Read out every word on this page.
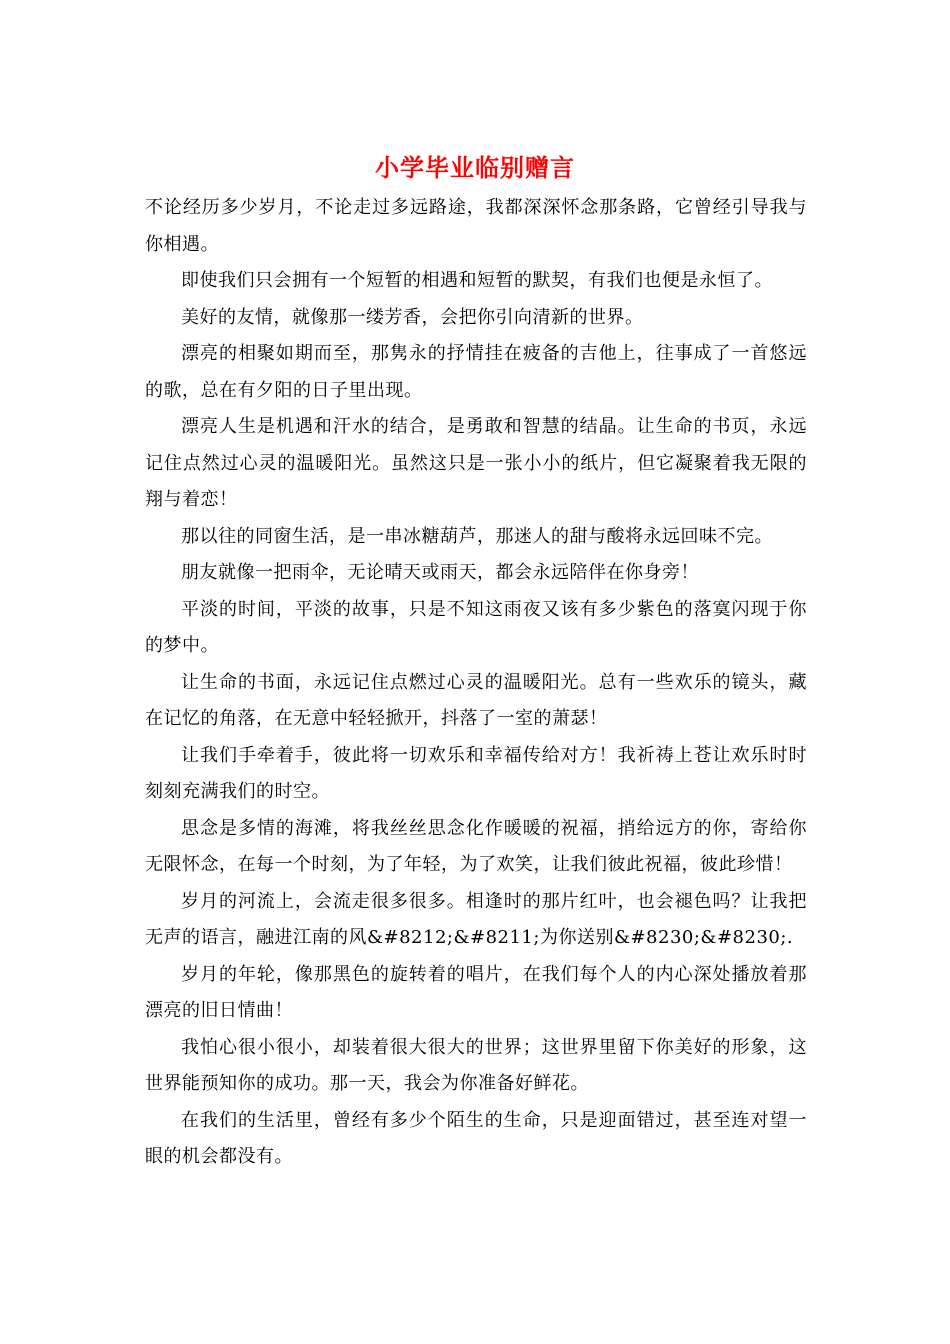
小学毕业临别赠言

不论经历多少岁月，不论走过多远路途，我都深深怀念那条路，它曾经引导我与你相遇。

即使我们只会拥有一个短暂的相遇和短暂的默契，有我们也便是永恒了。

美好的友情，就像那一缕芳香，会把你引向清新的世界。

漂亮的相聚如期而至，那隽永的抒情挂在疲备的吉他上，往事成了一首悠远的歌，总在有夕阳的日子里出现。

漂亮人生是机遇和汗水的结合，是勇敢和智慧的结晶。让生命的书页，永远记住点然过心灵的温暖阳光。虽然这只是一张小小的纸片，但它凝聚着我无限的翔与着恋！

那以往的同窗生活，是一串冰糖葫芦，那迷人的甜与酸将永远回味不完。

朋友就像一把雨伞，无论晴天或雨天，都会永远陪伴在你身旁！

平淡的时间，平淡的故事，只是不知这雨夜又该有多少紫色的落寞闪现于你的梦中。

让生命的书面，永远记住点燃过心灵的温暖阳光。总有一些欢乐的镜头，藏在记忆的角落，在无意中轻轻掀开，抖落了一室的萧瑟！

让我们手牵着手，彼此将一切欢乐和幸福传给对方！我祈祷上苍让欢乐时时刻刻充满我们的时空。

思念是多情的海滩，将我丝丝思念化作暖暖的祝福，捎给远方的你，寄给你无限怀念，在每一个时刻，为了年轻，为了欢笑，让我们彼此祝福，彼此珍惜！

岁月的河流上，会流走很多很多。相逢时的那片红叶，也会褪色吗？让我把无声的语言，融进江南的风&#8212;&#8211;为你送别&#8230;&#8230;.

岁月的年轮，像那黑色的旋转着的唱片，在我们每个人的内心深处播放着那漂亮的旧日情曲！

我怕心很小很小，却装着很大很大的世界；这世界里留下你美好的形象，这世界能预知你的成功。那一天，我会为你准备好鲜花。

在我们的生活里，曾经有多少个陌生的生命，只是迎面错过，甚至连对望一眼的机会都没有。
